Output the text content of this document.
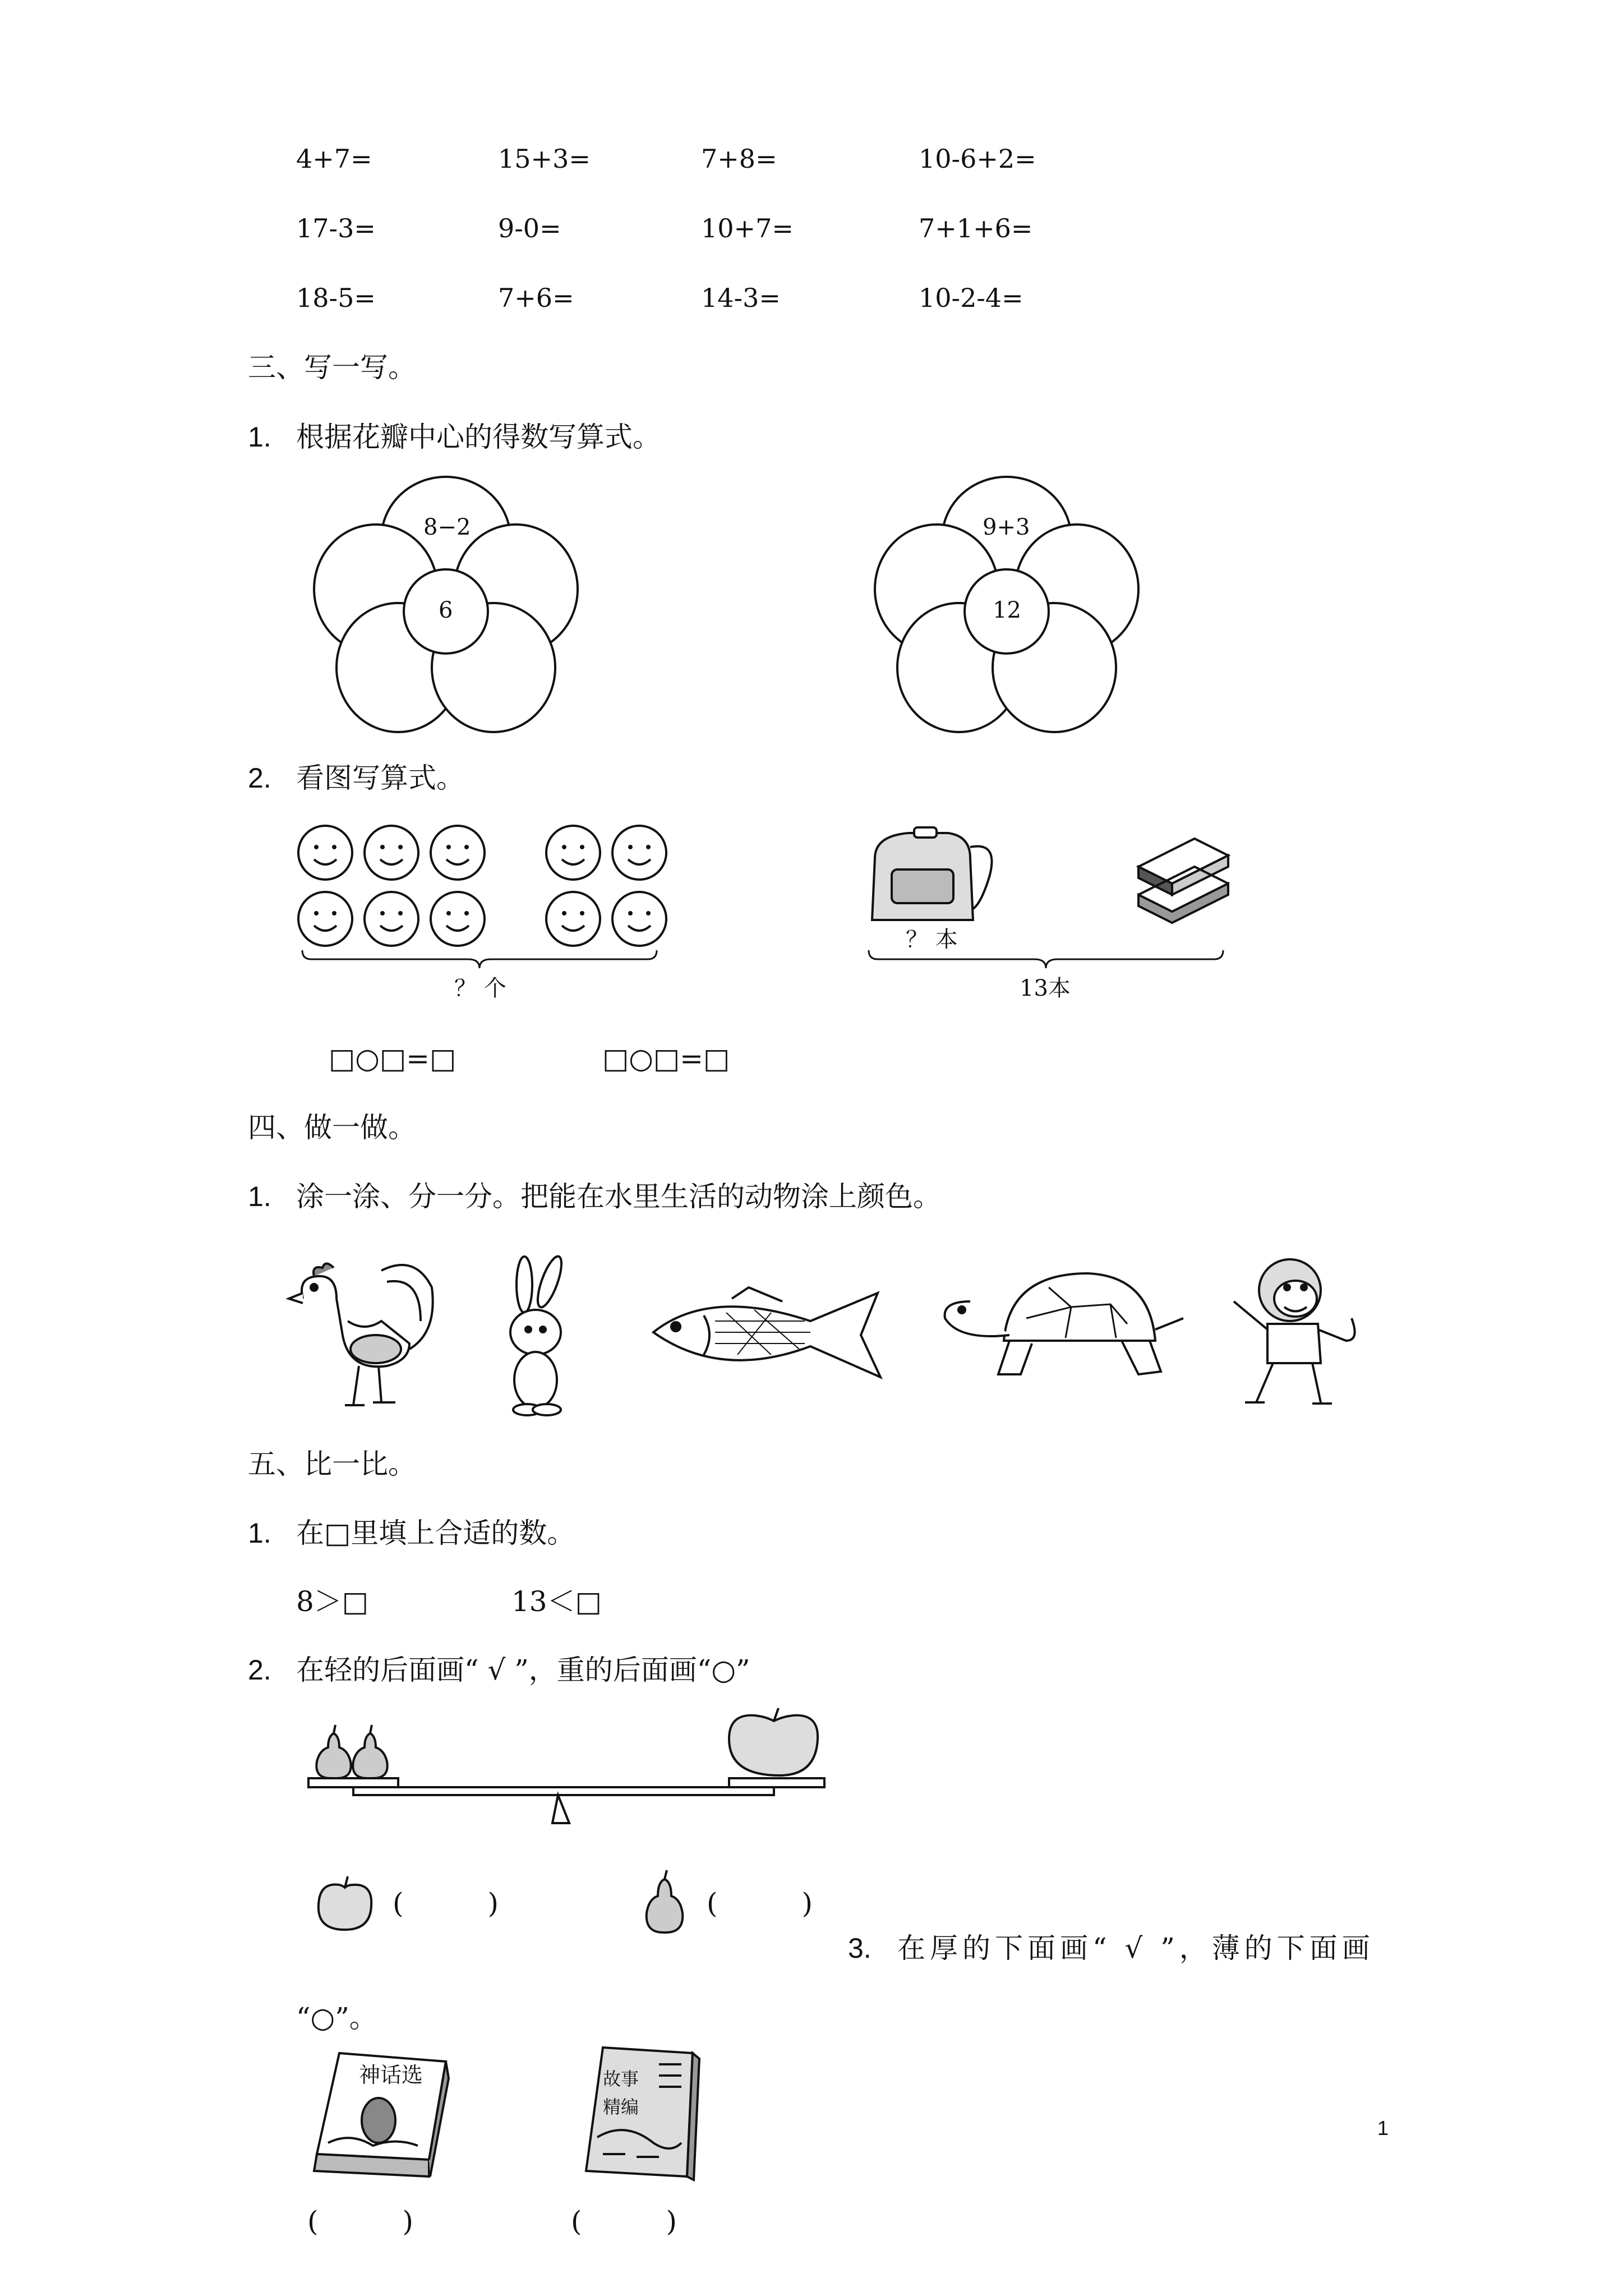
4+7=	15+3=	7+8=	10-6+2=
17-3=	9-0=	10+7=	7+1+6=
18-5=	7+6=	14-3=	10-2-4=
三、写一写。
1. 根据花瓣中心的得数写算式。
8−2
6
9+3
12
2. 看图写算式。
？ 个
？ 本
13本
□○□=□	□○□=□
四、做一做。
1. 涂一涂、分一分。把能在水里生活的动物涂上颜色。
五、比一比。
1. 在□里填上合适的数。
8＞□	13＜□
2. 在轻的后面画“ √ ”，重的后面画“○”
(　　　)	(　　　)
3. 在厚的下面画“ √ ”，薄的下面画
“○”。
神话选	故事
精编
(　　　)	(　　　)
1
